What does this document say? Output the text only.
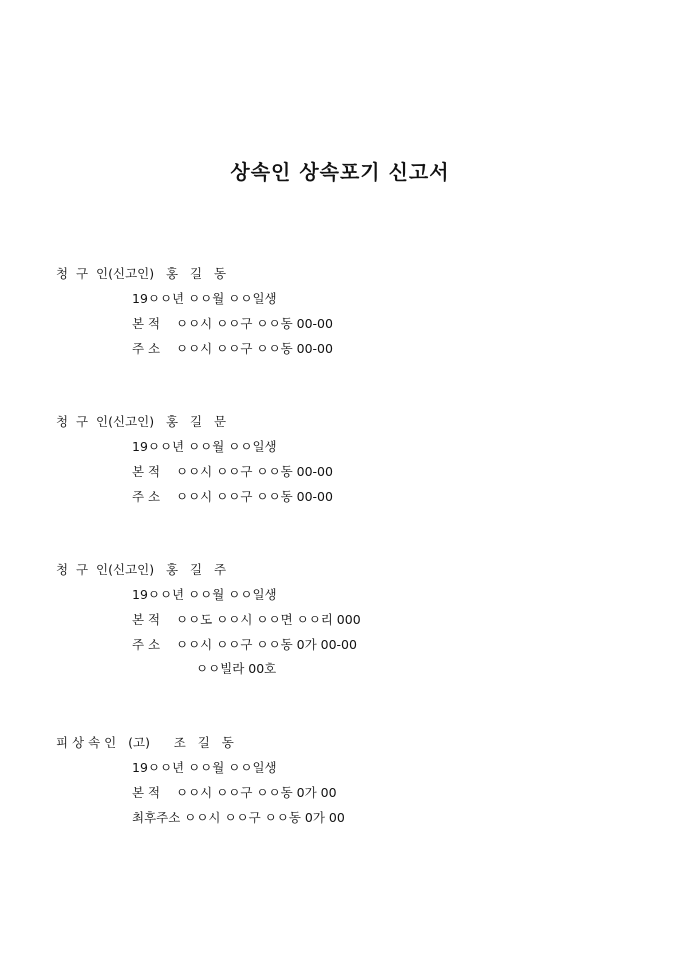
상속인 상속포기 신고서
청  구  인(신고인)   홍   길   동
19ㅇㅇ년 ㅇㅇ월 ㅇㅇ일생
본 적    ㅇㅇ시 ㅇㅇ구 ㅇㅇ동 00-00
주 소    ㅇㅇ시 ㅇㅇ구 ㅇㅇ동 00-00
청  구  인(신고인)   홍   길   문
19ㅇㅇ년 ㅇㅇ월 ㅇㅇ일생
본 적    ㅇㅇ시 ㅇㅇ구 ㅇㅇ동 00-00
주 소    ㅇㅇ시 ㅇㅇ구 ㅇㅇ동 00-00
청  구  인(신고인)   홍   길   주
19ㅇㅇ년 ㅇㅇ월 ㅇㅇ일생
본 적    ㅇㅇ도 ㅇㅇ시 ㅇㅇ면 ㅇㅇ리 000
주 소    ㅇㅇ시 ㅇㅇ구 ㅇㅇ동 0가 00-00
ㅇㅇ빌라 00호
피 상 속 인   (고)      조   길   동
19ㅇㅇ년 ㅇㅇ월 ㅇㅇ일생
본 적    ㅇㅇ시 ㅇㅇ구 ㅇㅇ동 0가 00
최후주소 ㅇㅇ시 ㅇㅇ구 ㅇㅇ동 0가 00
